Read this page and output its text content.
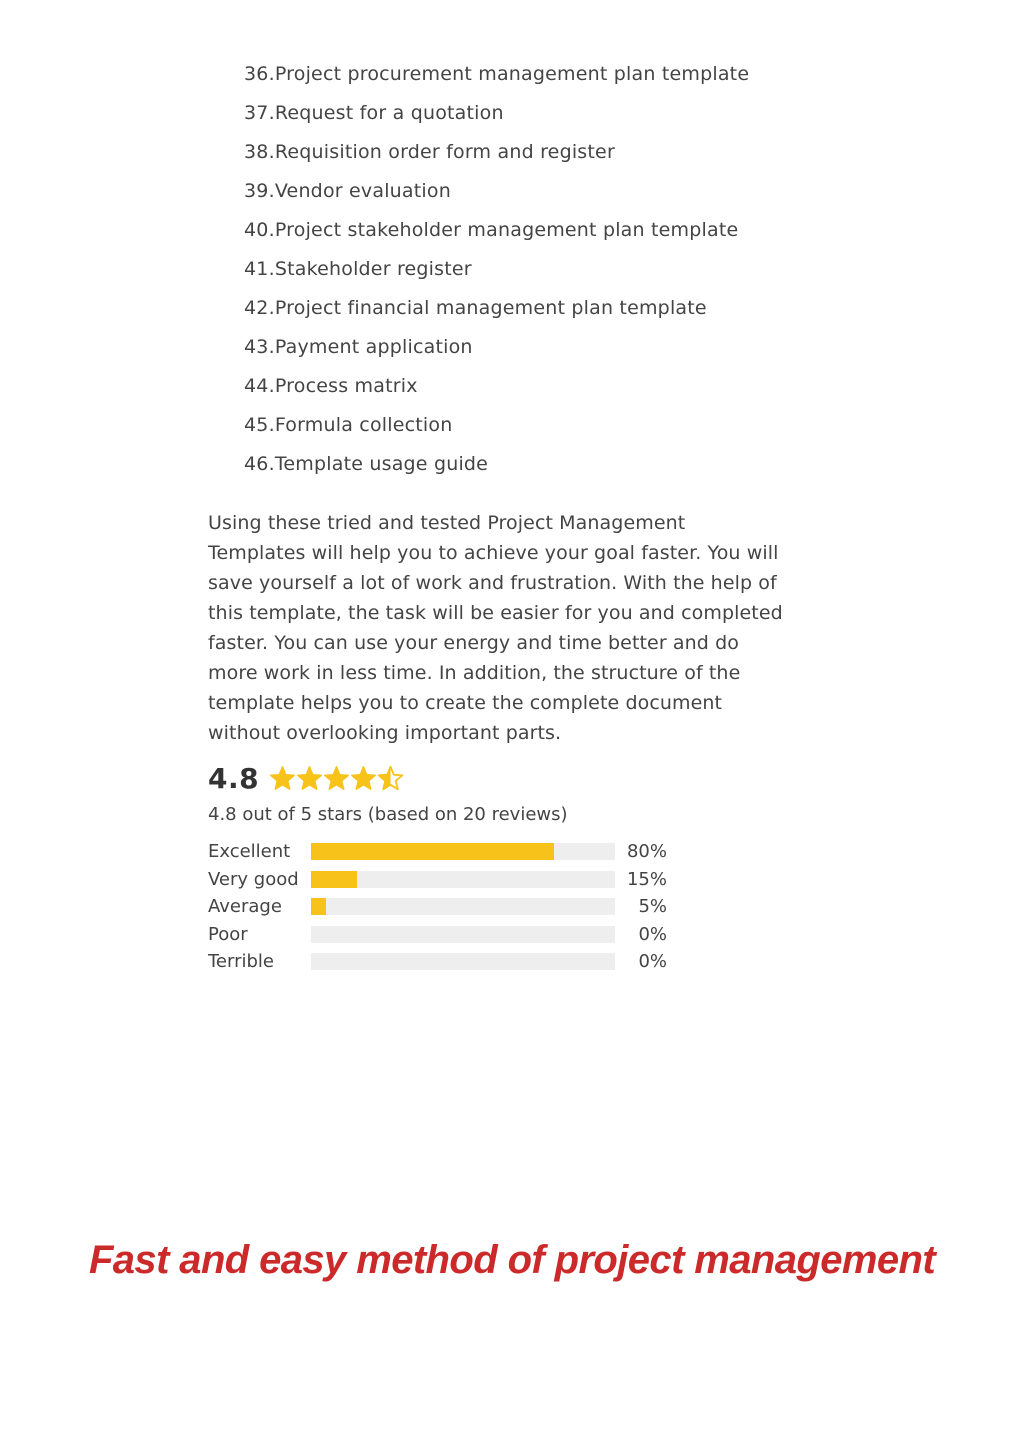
36.Project procurement management plan template
37.Request for a quotation
38.Requisition order form and register
39.Vendor evaluation
40.Project stakeholder management plan template
41.Stakeholder register
42.Project financial management plan template
43.Payment application
44.Process matrix
45.Formula collection
46.Template usage guide

Using these tried and tested Project Management
Templates will help you to achieve your goal faster. You will
save yourself a lot of work and frustration. With the help of
this template, the task will be easier for you and completed
faster. You can use your energy and time better and do
more work in less time. In addition, the structure of the
template helps you to create the complete document
without overlooking important parts.

4.8
4.8 out of 5 stars (based on 20 reviews)
Excellent	80%
Very good	15%
Average	5%
Poor	0%
Terrible	0%
Fast and easy method of project management
